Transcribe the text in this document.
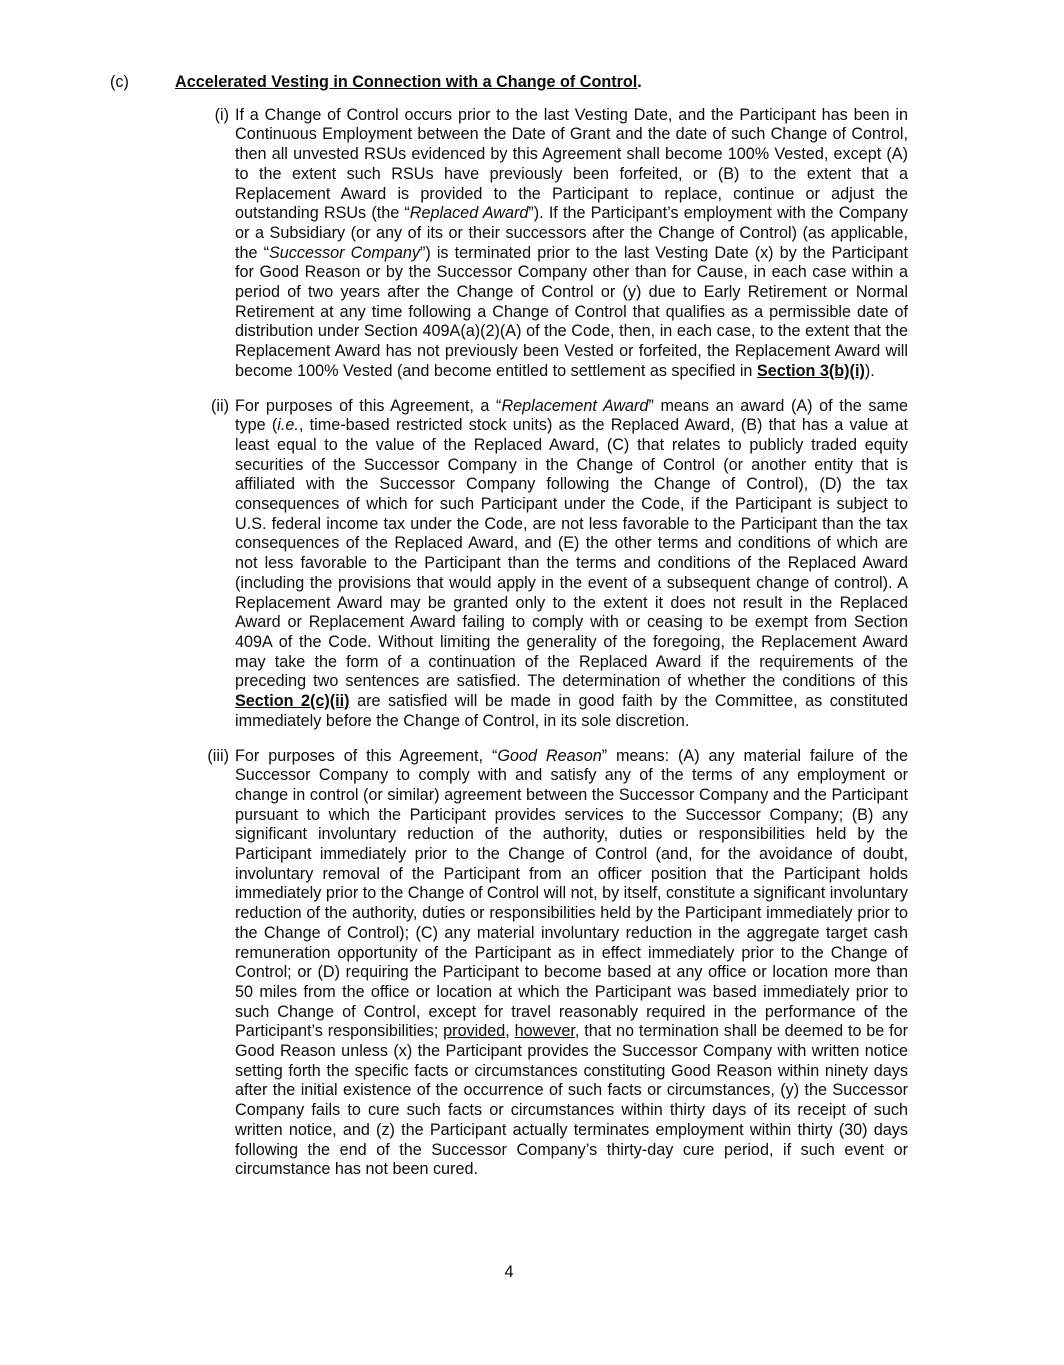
(c)	Accelerated Vesting in Connection with a Change of Control.
(i) If a Change of Control occurs prior to the last Vesting Date, and the Participant has been in Continuous Employment between the Date of Grant and the date of such Change of Control, then all unvested RSUs evidenced by this Agreement shall become 100% Vested, except (A) to the extent such RSUs have previously been forfeited, or (B) to the extent that a Replacement Award is provided to the Participant to replace, continue or adjust the outstanding RSUs (the “Replaced Award”). If the Participant’s employment with the Company or a Subsidiary (or any of its or their successors after the Change of Control) (as applicable, the “Successor Company”) is terminated prior to the last Vesting Date (x) by the Participant for Good Reason or by the Successor Company other than for Cause, in each case within a period of two years after the Change of Control or (y) due to Early Retirement or Normal Retirement at any time following a Change of Control that qualifies as a permissible date of distribution under Section 409A(a)(2)(A) of the Code, then, in each case, to the extent that the Replacement Award has not previously been Vested or forfeited, the Replacement Award will become 100% Vested (and become entitled to settlement as specified in Section 3(b)(i)).
(ii) For purposes of this Agreement, a “Replacement Award” means an award (A) of the same type (i.e., time-based restricted stock units) as the Replaced Award, (B) that has a value at least equal to the value of the Replaced Award, (C) that relates to publicly traded equity securities of the Successor Company in the Change of Control (or another entity that is affiliated with the Successor Company following the Change of Control), (D) the tax consequences of which for such Participant under the Code, if the Participant is subject to U.S. federal income tax under the Code, are not less favorable to the Participant than the tax consequences of the Replaced Award, and (E) the other terms and conditions of which are not less favorable to the Participant than the terms and conditions of the Replaced Award (including the provisions that would apply in the event of a subsequent change of control). A Replacement Award may be granted only to the extent it does not result in the Replaced Award or Replacement Award failing to comply with or ceasing to be exempt from Section 409A of the Code. Without limiting the generality of the foregoing, the Replacement Award may take the form of a continuation of the Replaced Award if the requirements of the preceding two sentences are satisfied. The determination of whether the conditions of this Section 2(c)(ii) are satisfied will be made in good faith by the Committee, as constituted immediately before the Change of Control, in its sole discretion.
(iii) For purposes of this Agreement, “Good Reason” means: (A) any material failure of the Successor Company to comply with and satisfy any of the terms of any employment or change in control (or similar) agreement between the Successor Company and the Participant pursuant to which the Participant provides services to the Successor Company; (B) any significant involuntary reduction of the authority, duties or responsibilities held by the Participant immediately prior to the Change of Control (and, for the avoidance of doubt, involuntary removal of the Participant from an officer position that the Participant holds immediately prior to the Change of Control will not, by itself, constitute a significant involuntary reduction of the authority, duties or responsibilities held by the Participant immediately prior to the Change of Control); (C) any material involuntary reduction in the aggregate target cash remuneration opportunity of the Participant as in effect immediately prior to the Change of Control; or (D) requiring the Participant to become based at any office or location more than 50 miles from the office or location at which the Participant was based immediately prior to such Change of Control, except for travel reasonably required in the performance of the Participant’s responsibilities; provided, however, that no termination shall be deemed to be for Good Reason unless (x) the Participant provides the Successor Company with written notice setting forth the specific facts or circumstances constituting Good Reason within ninety days after the initial existence of the occurrence of such facts or circumstances, (y) the Successor Company fails to cure such facts or circumstances within thirty days of its receipt of such written notice, and (z) the Participant actually terminates employment within thirty (30) days following the end of the Successor Company’s thirty-day cure period, if such event or circumstance has not been cured.
4
